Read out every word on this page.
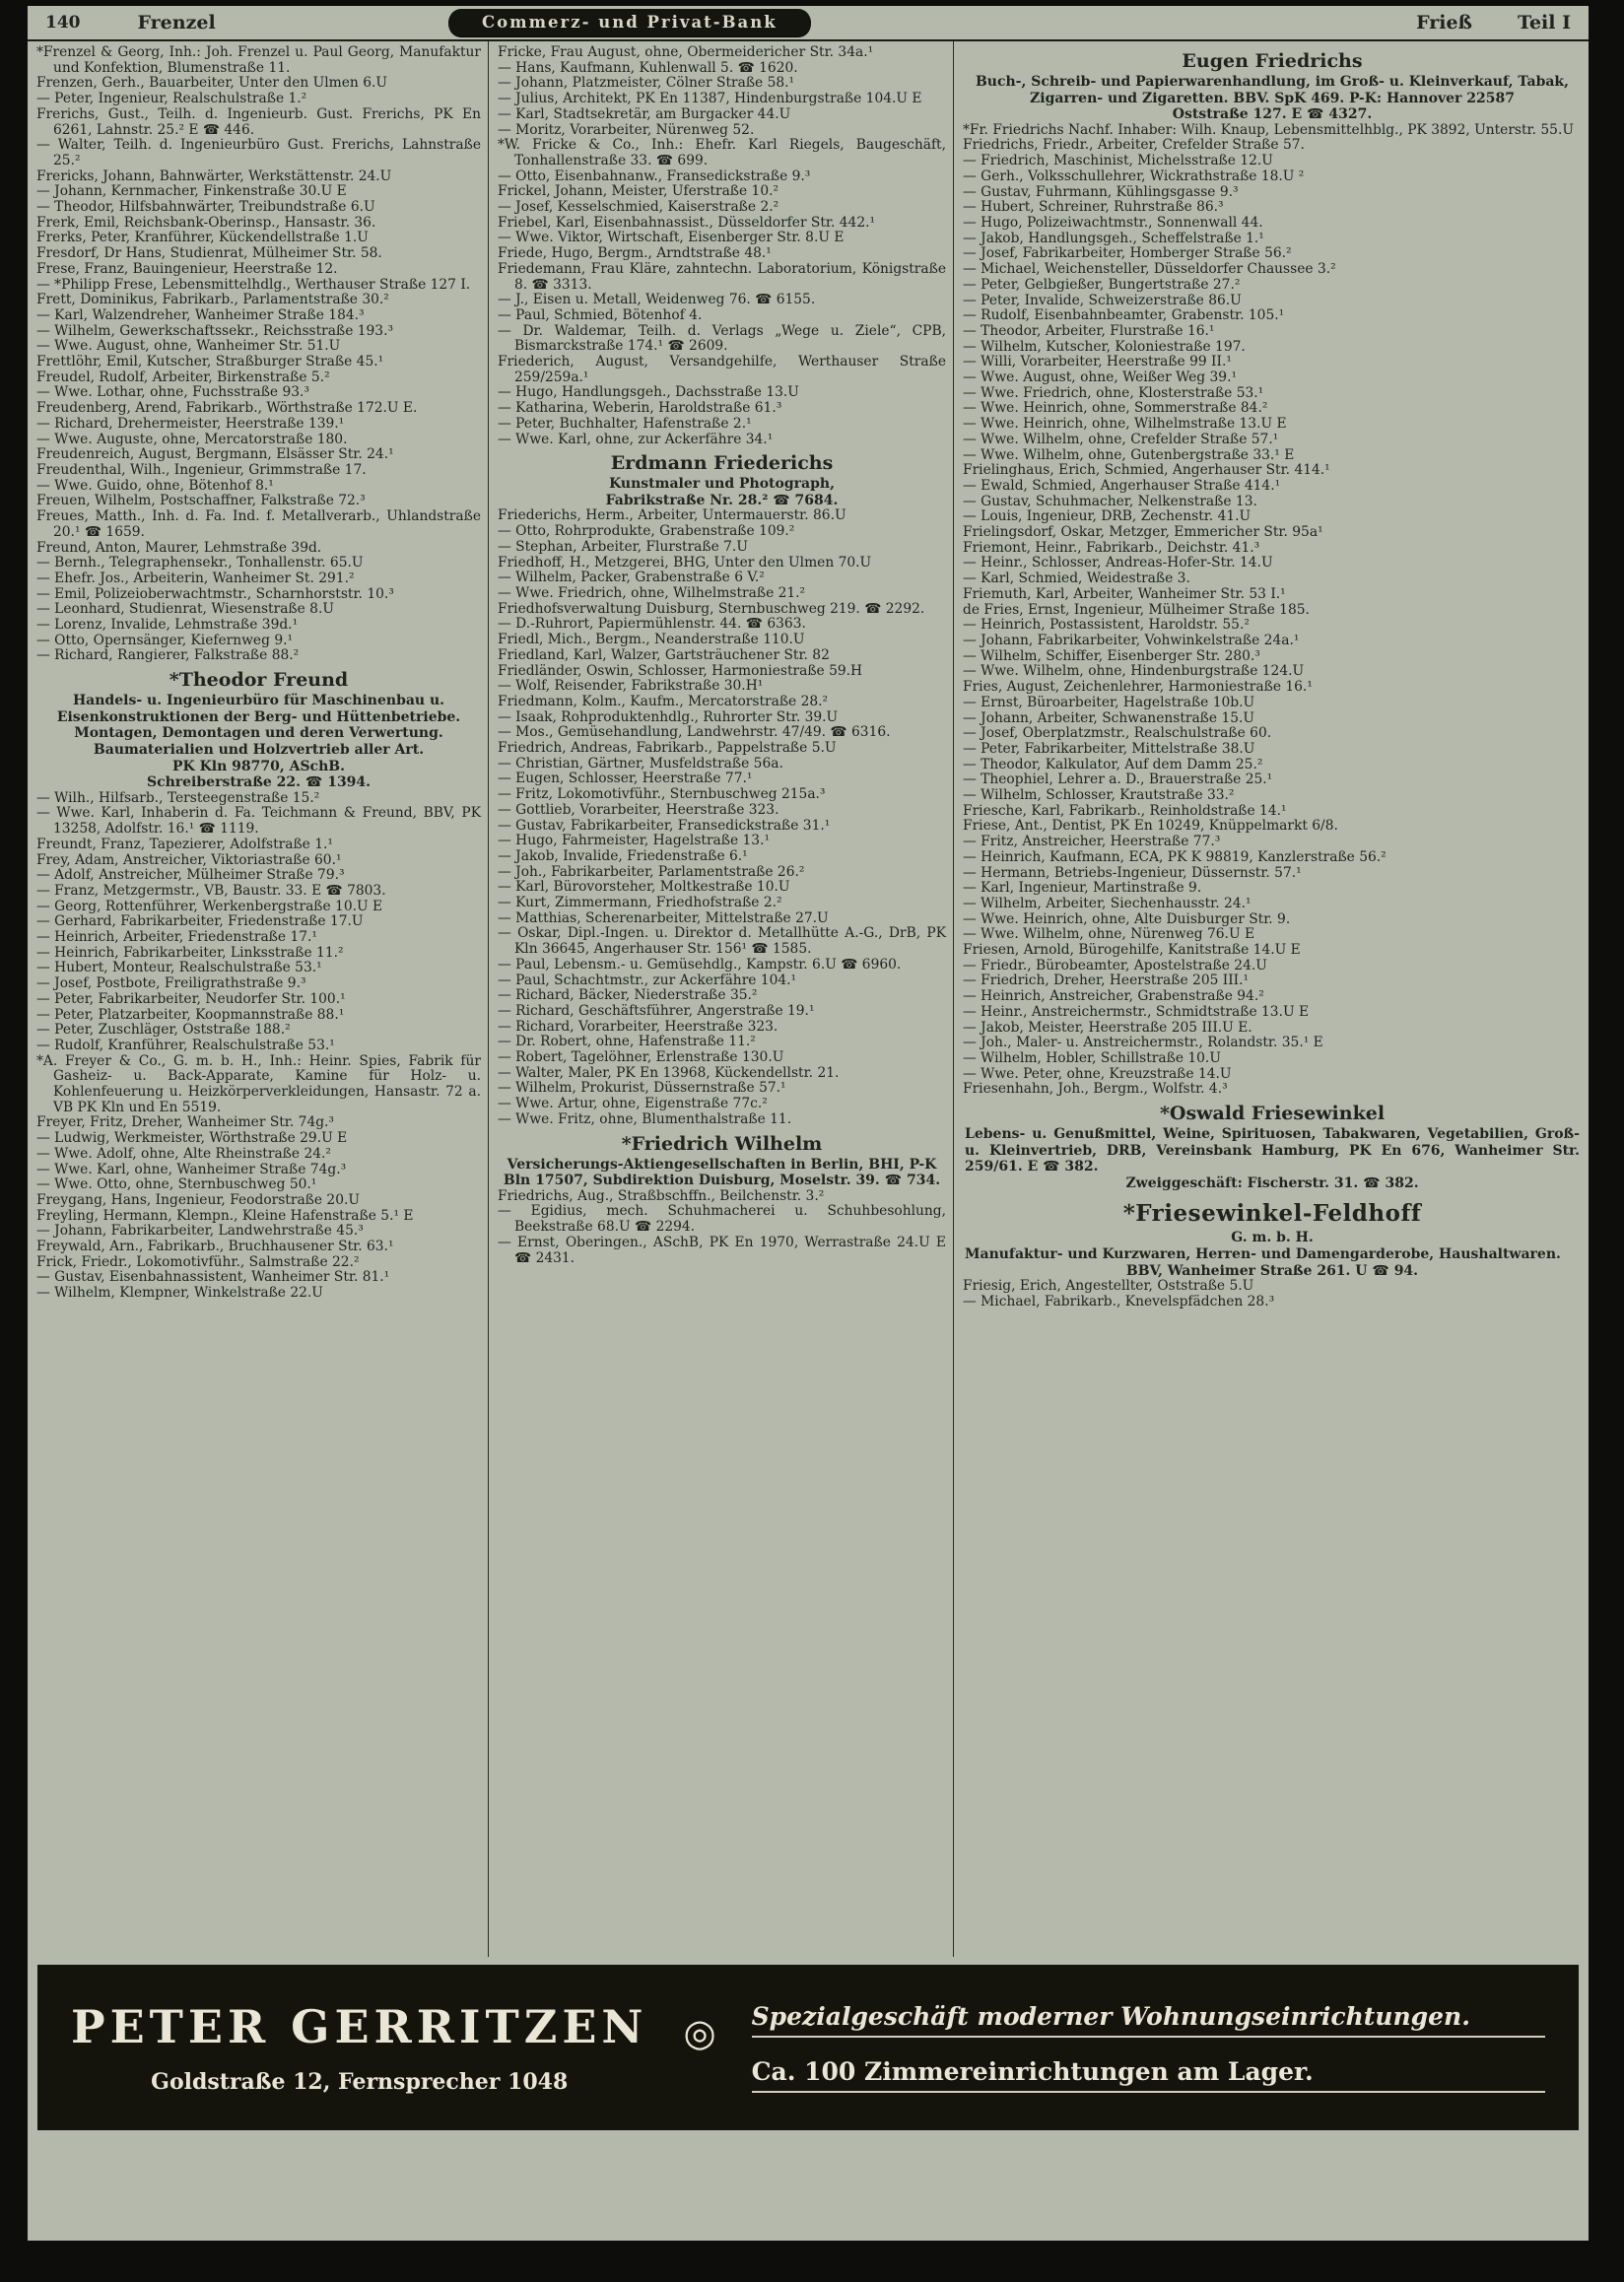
140	Frenzel	Commerz- und Privat-Bank	Frieß Teil I
*Frenzel & Georg, Inh.: Joh. Frenzel u. Paul Georg, Manufaktur und Konfektion, Blumenstraße 11.
Frenzen, Gerh., Bauarbeiter, Unter den Ulmen 6.U
— Peter, Ingenieur, Realschulstraße 1.²
Frerichs, Gust., Teilh. d. Ingenieurb. Gust. Frerichs, PK En 6261, Lahnstr. 25.² E ☎ 446.
— Walter, Teilh. d. Ingenieurbüro Gust. Frerichs, Lahnstraße 25.²
Frericks, Johann, Bahnwärter, Werkstättenstr. 24.U
— Johann, Kernmacher, Finkenstraße 30.U E
— Theodor, Hilfsbahnwärter, Treibundstraße 6.U
Frerk, Emil, Reichsbank-Oberinsp., Hansastr. 36.
Frerks, Peter, Kranführer, Kückendellstraße 1.U
Fresdorf, Dr Hans, Studienrat, Mülheimer Str. 58.
Frese, Franz, Bauingenieur, Heerstraße 12.
— *Philipp Frese, Lebensmittelhdlg., Werthauser Straße 127 I.
Frett, Dominikus, Fabrikarb., Parlamentstraße 30.²
— Karl, Walzendreher, Wanheimer Straße 184.³
— Wilhelm, Gewerkschaftssekr., Reichsstraße 193.³
— Wwe. August, ohne, Wanheimer Str. 51.U
Frettlöhr, Emil, Kutscher, Straßburger Straße 45.¹
Freudel, Rudolf, Arbeiter, Birkenstraße 5.²
— Wwe. Lothar, ohne, Fuchsstraße 93.³
Freudenberg, Arend, Fabrikarb., Wörthstraße 172.U E.
— Richard, Drehermeister, Heerstraße 139.¹
— Wwe. Auguste, ohne, Mercatorstraße 180.
Freudenreich, August, Bergmann, Elsässer Str. 24.¹
Freudenthal, Wilh., Ingenieur, Grimmstraße 17.
— Wwe. Guido, ohne, Bötenhof 8.¹
Freuen, Wilhelm, Postschaffner, Falkstraße 72.³
Freues, Matth., Inh. d. Fa. Ind. f. Metallverarb., Uhlandstraße 20.¹ ☎ 1659.
Freund, Anton, Maurer, Lehmstraße 39d.
— Bernh., Telegraphensekr., Tonhallenstr. 65.U
— Ehefr. Jos., Arbeiterin, Wanheimer St. 291.²
— Emil, Polizeioberwachtmstr., Scharnhorststr. 10.³
— Leonhard, Studienrat, Wiesenstraße 8.U
— Lorenz, Invalide, Lehmstraße 39d.¹
— Otto, Opernsänger, Kiefernweg 9.¹
— Richard, Rangierer, Falkstraße 88.²
*Theodor Freund
Handels- u. Ingenieurbüro für Maschinenbau u. Eisenkonstruktionen der Berg- und Hüttenbetriebe. Montagen, Demontagen und deren Verwertung.
Baumaterialien und Holzvertrieb aller Art.
PK Kln 98770, ASchB.
Schreiberstraße 22. ☎ 1394.
— Wilh., Hilfsarb., Tersteegenstraße 15.²
— Wwe. Karl, Inhaberin d. Fa. Teichmann & Freund, BBV, PK 13258, Adolfstr. 16.¹ ☎ 1119.
Freundt, Franz, Tapezierer, Adolfstraße 1.¹
Frey, Adam, Anstreicher, Viktoriastraße 60.¹
— Adolf, Anstreicher, Mülheimer Straße 79.³
— Franz, Metzgermstr., VB, Baustr. 33. E ☎ 7803.
— Georg, Rottenführer, Werkenbergstraße 10.U E
— Gerhard, Fabrikarbeiter, Friedenstraße 17.U
— Heinrich, Arbeiter, Friedenstraße 17.¹
— Heinrich, Fabrikarbeiter, Linksstraße 11.²
— Hubert, Monteur, Realschulstraße 53.¹
— Josef, Postbote, Freiligrathstraße 9.³
— Peter, Fabrikarbeiter, Neudorfer Str. 100.¹
— Peter, Platzarbeiter, Koopmannstraße 88.¹
— Peter, Zuschläger, Oststraße 188.²
— Rudolf, Kranführer, Realschulstraße 53.¹
*A. Freyer & Co., G. m. b. H., Inh.: Heinr. Spies, Fabrik für Gasheiz- u. Back-Apparate, Kamine für Holz- u. Kohlenfeuerung u. Heizkörperverkleidungen, Hansastr. 72 a. VB PK Kln und En 5519.
Freyer, Fritz, Dreher, Wanheimer Str. 74g.³
— Ludwig, Werkmeister, Wörthstraße 29.U E
— Wwe. Adolf, ohne, Alte Rheinstraße 24.²
— Wwe. Karl, ohne, Wanheimer Straße 74g.³
— Wwe. Otto, ohne, Sternbuschweg 50.¹
Freygang, Hans, Ingenieur, Feodorstraße 20.U
Freyling, Hermann, Klempn., Kleine Hafenstraße 5.¹ E
— Johann, Fabrikarbeiter, Landwehrstraße 45.³
Freywald, Arn., Fabrikarb., Bruchhausener Str. 63.¹
Frick, Friedr., Lokomotivführ., Salmstraße 22.²
— Gustav, Eisenbahnassistent, Wanheimer Str. 81.¹
— Wilhelm, Klempner, Winkelstraße 22.U
Fricke, Frau August, ohne, Obermeidericher Str. 34a.¹
— Hans, Kaufmann, Kuhlenwall 5. ☎ 1620.
— Johann, Platzmeister, Cölner Straße 58.¹
— Julius, Architekt, PK En 11387, Hindenburgstraße 104.U E
— Karl, Stadtsekretär, am Burgacker 44.U
— Moritz, Vorarbeiter, Nürenweg 52.
*W. Fricke & Co., Inh.: Ehefr. Karl Riegels, Baugeschäft, Tonhallenstraße 33. ☎ 699.
— Otto, Eisenbahnanw., Fransedickstraße 9.³
Frickel, Johann, Meister, Uferstraße 10.²
— Josef, Kesselschmied, Kaiserstraße 2.²
Friebel, Karl, Eisenbahnassist., Düsseldorfer Str. 442.¹
— Wwe. Viktor, Wirtschaft, Eisenberger Str. 8.U E
Friede, Hugo, Bergm., Arndtstraße 48.¹
Friedemann, Frau Kläre, zahntechn. Laboratorium, Königstraße 8. ☎ 3313.
— J., Eisen u. Metall, Weidenweg 76. ☎ 6155.
— Paul, Schmied, Bötenhof 4.
— Dr. Waldemar, Teilh. d. Verlags „Wege u. Ziele“, CPB, Bismarckstraße 174.¹ ☎ 2609.
Friederich, August, Versandgehilfe, Werthauser Straße 259/259a.¹
— Hugo, Handlungsgeh., Dachsstraße 13.U
— Katharina, Weberin, Haroldstraße 61.³
— Peter, Buchhalter, Hafenstraße 2.¹
— Wwe. Karl, ohne, zur Ackerfähre 34.¹
Erdmann Friederichs
Kunstmaler und Photograph,
Fabrikstraße Nr. 28.² ☎ 7684.
Friederichs, Herm., Arbeiter, Untermauerstr. 86.U
— Otto, Rohrprodukte, Grabenstraße 109.²
— Stephan, Arbeiter, Flurstraße 7.U
Friedhoff, H., Metzgerei, BHG, Unter den Ulmen 70.U
— Wilhelm, Packer, Grabenstraße 6 V.²
— Wwe. Friedrich, ohne, Wilhelmstraße 21.²
Friedhofsverwaltung Duisburg, Sternbuschweg 219. ☎ 2292.
— D.-Ruhrort, Papiermühlenstr. 44. ☎ 6363.
Friedl, Mich., Bergm., Neanderstraße 110.U
Friedland, Karl, Walzer, Gartsträuchener Str. 82
Friedländer, Oswin, Schlosser, Harmoniestraße 59.H
— Wolf, Reisender, Fabrikstraße 30.H¹
Friedmann, Kolm., Kaufm., Mercatorstraße 28.²
— Isaak, Rohproduktenhdlg., Ruhrorter Str. 39.U
— Mos., Gemüsehandlung, Landwehrstr. 47/49. ☎ 6316.
Friedrich, Andreas, Fabrikarb., Pappelstraße 5.U
— Christian, Gärtner, Musfeldstraße 56a.
— Eugen, Schlosser, Heerstraße 77.¹
— Fritz, Lokomotivführ., Sternbuschweg 215a.³
— Gottlieb, Vorarbeiter, Heerstraße 323.
— Gustav, Fabrikarbeiter, Fransedickstraße 31.¹
— Hugo, Fahrmeister, Hagelstraße 13.¹
— Jakob, Invalide, Friedenstraße 6.¹
— Joh., Fabrikarbeiter, Parlamentstraße 26.²
— Karl, Bürovorsteher, Moltkestraße 10.U
— Kurt, Zimmermann, Friedhofstraße 2.²
— Matthias, Scherenarbeiter, Mittelstraße 27.U
— Oskar, Dipl.-Ingen. u. Direktor d. Metallhütte A.-G., DrB, PK Kln 36645, Angerhauser Str. 156¹ ☎ 1585.
— Paul, Lebensm.- u. Gemüsehdlg., Kampstr. 6.U ☎ 6960.
— Paul, Schachtmstr., zur Ackerfähre 104.¹
— Richard, Bäcker, Niederstraße 35.²
— Richard, Geschäftsführer, Angerstraße 19.¹
— Richard, Vorarbeiter, Heerstraße 323.
— Dr. Robert, ohne, Hafenstraße 11.²
— Robert, Tagelöhner, Erlenstraße 130.U
— Walter, Maler, PK En 13968, Kückendellstr. 21.
— Wilhelm, Prokurist, Düssernstraße 57.¹
— Wwe. Artur, ohne, Eigenstraße 77c.²
— Wwe. Fritz, ohne, Blumenthalstraße 11.
*Friedrich Wilhelm
Versicherungs-Aktiengesellschaften in Berlin, BHI, P-K Bln 17507, Subdirektion Duisburg, Moselstr. 39. ☎ 734.
Friedrichs, Aug., Straßbschffn., Beilchenstr. 3.²
— Egidius, mech. Schuhmacherei u. Schuhbesohlung, Beekstraße 68.U ☎ 2294.
— Ernst, Oberingen., ASchB, PK En 1970, Werrastraße 24.U E ☎ 2431.
Eugen Friedrichs
Buch-, Schreib- und Papierwarenhandlung, im Groß- u. Kleinverkauf, Tabak, Zigarren- und Zigaretten. BBV. SpK 469. P-K: Hannover 22587
Oststraße 127. E ☎ 4327.
*Fr. Friedrichs Nachf. Inhaber: Wilh. Knaup, Lebensmittelhblg., PK 3892, Unterstr. 55.U
Friedrichs, Friedr., Arbeiter, Crefelder Straße 57.
— Friedrich, Maschinist, Michelsstraße 12.U
— Gerh., Volksschullehrer, Wickrathstraße 18.U ²
— Gustav, Fuhrmann, Kühlingsgasse 9.³
— Hubert, Schreiner, Ruhrstraße 86.³
— Hugo, Polizeiwachtmstr., Sonnenwall 44.
— Jakob, Handlungsgeh., Scheffelstraße 1.¹
— Josef, Fabrikarbeiter, Homberger Straße 56.²
— Michael, Weichensteller, Düsseldorfer Chaussee 3.²
— Peter, Gelbgießer, Bungertstraße 27.²
— Peter, Invalide, Schweizerstraße 86.U
— Rudolf, Eisenbahnbeamter, Grabenstr. 105.¹
— Theodor, Arbeiter, Flurstraße 16.¹
— Wilhelm, Kutscher, Koloniestraße 197.
— Willi, Vorarbeiter, Heerstraße 99 II.¹
— Wwe. August, ohne, Weißer Weg 39.¹
— Wwe. Friedrich, ohne, Klosterstraße 53.¹
— Wwe. Heinrich, ohne, Sommerstraße 84.²
— Wwe. Heinrich, ohne, Wilhelmstraße 13.U E
— Wwe. Wilhelm, ohne, Crefelder Straße 57.¹
— Wwe. Wilhelm, ohne, Gutenbergstraße 33.¹ E
Frielinghaus, Erich, Schmied, Angerhauser Str. 414.¹
— Ewald, Schmied, Angerhauser Straße 414.¹
— Gustav, Schuhmacher, Nelkenstraße 13.
— Louis, Ingenieur, DRB, Zechenstr. 41.U
Frielingsdorf, Oskar, Metzger, Emmericher Str. 95a¹
Friemont, Heinr., Fabrikarb., Deichstr. 41.³
— Heinr., Schlosser, Andreas-Hofer-Str. 14.U
— Karl, Schmied, Weidestraße 3.
Friemuth, Karl, Arbeiter, Wanheimer Str. 53 I.¹
de Fries, Ernst, Ingenieur, Mülheimer Straße 185.
— Heinrich, Postassistent, Haroldstr. 55.²
— Johann, Fabrikarbeiter, Vohwinkelstraße 24a.¹
— Wilhelm, Schiffer, Eisenberger Str. 280.³
— Wwe. Wilhelm, ohne, Hindenburgstraße 124.U
Fries, August, Zeichenlehrer, Harmoniestraße 16.¹
— Ernst, Büroarbeiter, Hagelstraße 10b.U
— Johann, Arbeiter, Schwanenstraße 15.U
— Josef, Oberplatzmstr., Realschulstraße 60.
— Peter, Fabrikarbeiter, Mittelstraße 38.U
— Theodor, Kalkulator, Auf dem Damm 25.²
— Theophiel, Lehrer a. D., Brauerstraße 25.¹
— Wilhelm, Schlosser, Krautstraße 33.²
Friesche, Karl, Fabrikarb., Reinholdstraße 14.¹
Friese, Ant., Dentist, PK En 10249, Knüppelmarkt 6/8.
— Fritz, Anstreicher, Heerstraße 77.³
— Heinrich, Kaufmann, ECA, PK K 98819, Kanzlerstraße 56.²
— Hermann, Betriebs-Ingenieur, Düssernstr. 57.¹
— Karl, Ingenieur, Martinstraße 9.
— Wilhelm, Arbeiter, Siechenhausstr. 24.¹
— Wwe. Heinrich, ohne, Alte Duisburger Str. 9.
— Wwe. Wilhelm, ohne, Nürenweg 76.U E
Friesen, Arnold, Bürogehilfe, Kanitstraße 14.U E
— Friedr., Bürobeamter, Apostelstraße 24.U
— Friedrich, Dreher, Heerstraße 205 III.¹
— Heinrich, Anstreicher, Grabenstraße 94.²
— Heinr., Anstreichermstr., Schmidtstraße 13.U E
— Jakob, Meister, Heerstraße 205 III.U E.
— Joh., Maler- u. Anstreichermstr., Rolandstr. 35.¹ E
— Wilhelm, Hobler, Schillstraße 10.U
— Wwe. Peter, ohne, Kreuzstraße 14.U
Friesenhahn, Joh., Bergm., Wolfstr. 4.³
*Oswald Friesewinkel
Lebens- u. Genußmittel, Weine, Spirituosen, Tabakwaren, Vegetabilien, Groß- u. Kleinvertrieb, DRB, Vereinsbank Hamburg, PK En 676, Wanheimer Str. 259/61. E ☎ 382.
Zweiggeschäft: Fischerstr. 31. ☎ 382.
*Friesewinkel-Feldhoff
G. m. b. H.
Manufaktur- und Kurzwaren, Herren- und Damengarderobe, Haushaltwaren.
BBV, Wanheimer Straße 261. U ☎ 94.
Friesig, Erich, Angestellter, Oststraße 5.U
— Michael, Fabrikarb., Knevelspfädchen 28.³
PETER GERRITZEN
Goldstraße 12, Fernsprecher 1048
◎ Spezialgeschäft moderner Wohnungseinrichtungen.
Ca. 100 Zimmereinrichtungen am Lager.
